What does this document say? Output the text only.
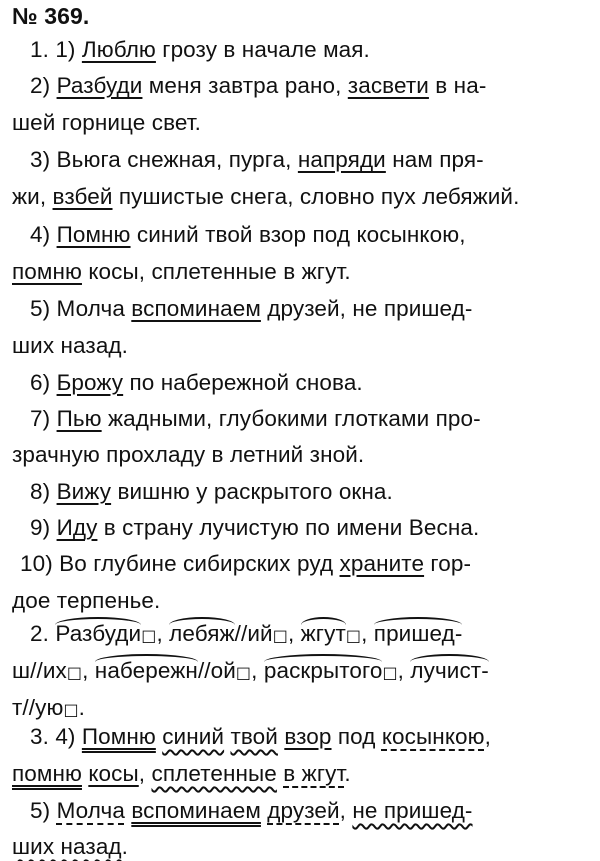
№ 369.
1. 1) Люблю грозу в начале мая.
2) Разбуди меня завтра рано, засвети в на-
шей горнице свет.
3) Вьюга снежная, пурга, напряди нам пря-
жи, взбей пушистые снега, словно пух лебяжий.
4) Помню синий твой взор под косынкою,
помню косы, сплетенные в жгут.
5) Молча вспоминаем друзей, не пришед-
ших назад.
6) Брожу по набережной снова.
7) Пью жадными, глубокими глотками про-
зрачную прохладу в летний зной.
8) Вижу вишню у раскрытого окна.
9) Иду в страну лучистую по имени Весна.
10) Во глубине сибирских руд храните гор-
дое терпенье.
2. Разбуди□, лебяж//ий□, жгут□, пришед-
ш//их□, набережн//ой□, раскрытого□, лучист-
т//ую□.
3. 4) Помню синий твой взор под косынкою,
помню косы, сплетенные в жгут.
5) Молча вспоминаем друзей, не пришед-
ших назад.
